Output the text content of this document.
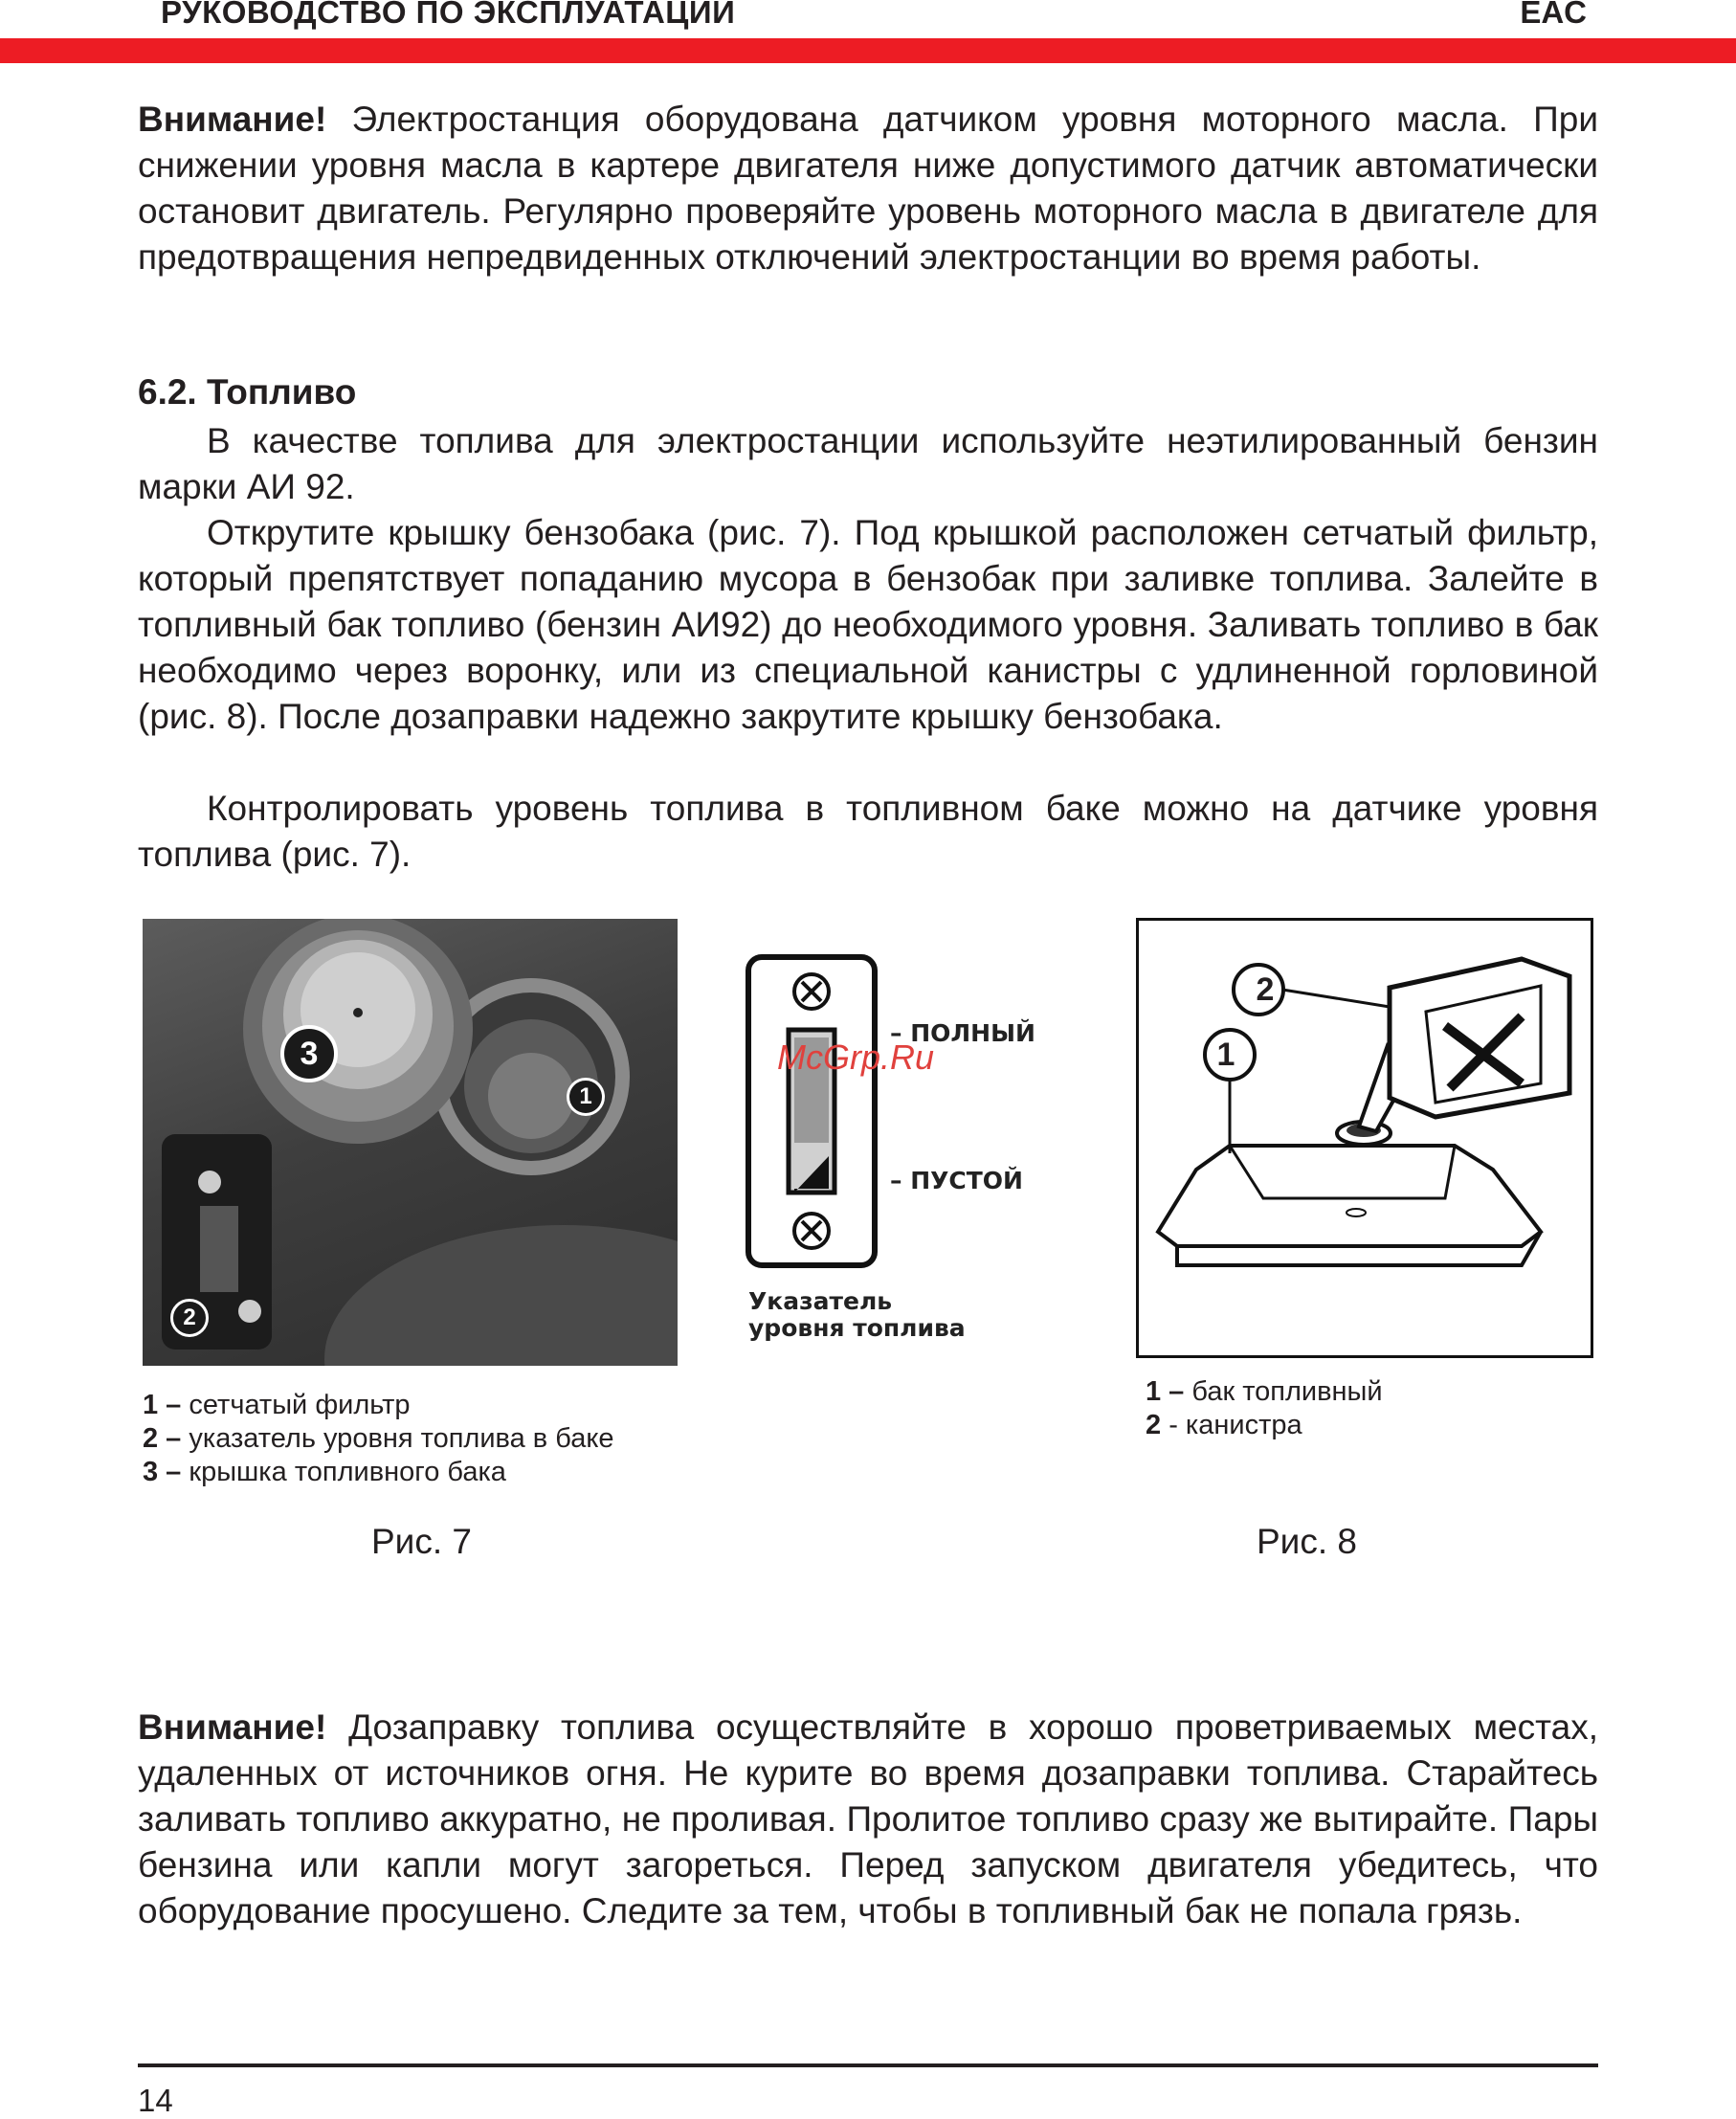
РУКОВОДСТВО ПО ЭКСПЛУАТАЦИИ	EAC

Внимание! Электростанция оборудована датчиком уровня моторного масла. При снижении уровня масла в картере двигателя ниже допустимого датчик автоматически остановит двигатель. Регулярно проверяйте уровень моторного масла в двигателе для предотвращения непредвиденных отключений электростанции во время работы.

6.2. Топливо

В качестве топлива для электростанции используйте неэтилированный бензин марки АИ 92.

Открутите крышку бензобака (рис. 7). Под крышкой расположен сетчатый фильтр, который препятствует попаданию мусора в бензобак при заливке топлива. Залейте в топливный бак топливо (бензин АИ92) до необходимого уровня. Заливать топливо в бак необходимо через воронку, или из специальной канистры с удлиненной горловиной (рис. 8). После дозаправки надежно закрутите крышку бензобака.

Контролировать уровень топлива в топливном баке можно на датчике уровня топлива (рис. 7).

3
1
2
– ПОЛНЫЙ
– ПУСТОЙ
Указатель
уровня топлива
McGrp.Ru
2
1
1 – сетчатый фильтр
2 – указатель уровня топлива в баке
3 – крышка топливного бака
Рис. 7
1 – бак топливный
2 - канистра
Рис. 8

Внимание! Дозаправку топлива осуществляйте в хорошо проветриваемых местах, удаленных от источников огня. Не курите во время дозаправки топлива. Старайтесь заливать топливо аккуратно, не проливая. Пролитое топливо сразу же вытирайте. Пары бензина или капли могут загореться. Перед запуском двигателя убедитесь, что оборудование просушено. Следите за тем, чтобы в топливный бак не попала грязь.

14
